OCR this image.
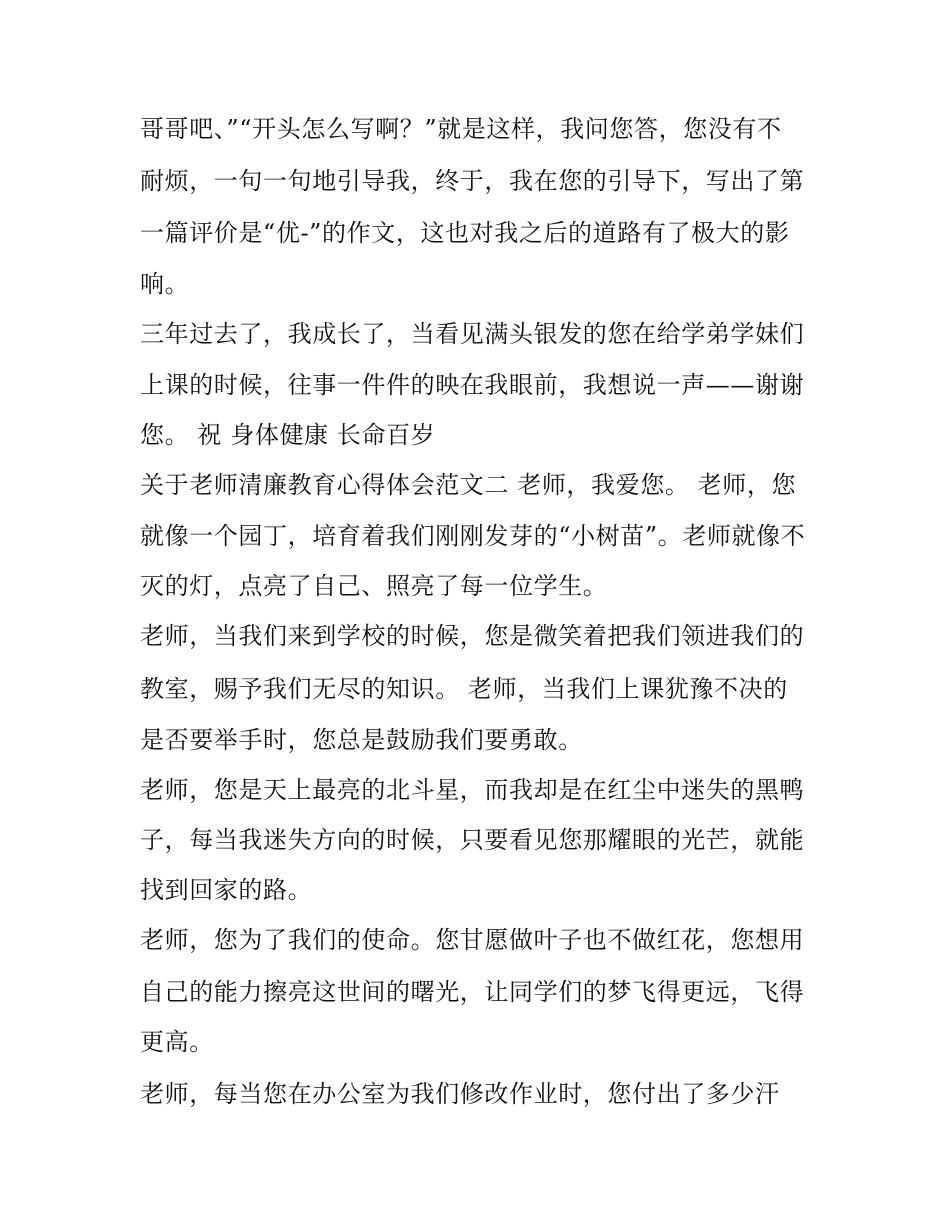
哥哥吧、”“开头怎么写啊？”就是这样，我问您答，您没有不
耐烦，一句一句地引导我，终于，我在您的引导下，写出了第
一篇评价是“优-”的作文，这也对我之后的道路有了极大的影
响。
三年过去了，我成长了，当看见满头银发的您在给学弟学妹们
上课的时候，往事一件件的映在我眼前，我想说一声——谢谢
您。 祝 身体健康 长命百岁
关于老师清廉教育心得体会范文二 老师，我爱您。 老师，您
就像一个园丁，培育着我们刚刚发芽的“小树苗”。老师就像不
灭的灯，点亮了自己、照亮了每一位学生。
老师，当我们来到学校的时候，您是微笑着把我们领进我们的
教室，赐予我们无尽的知识。 老师，当我们上课犹豫不决的
是否要举手时，您总是鼓励我们要勇敢。
老师，您是天上最亮的北斗星，而我却是在红尘中迷失的黑鸭
子，每当我迷失方向的时候，只要看见您那耀眼的光芒，就能
找到回家的路。
老师，您为了我们的使命。您甘愿做叶子也不做红花，您想用
自己的能力擦亮这世间的曙光，让同学们的梦飞得更远，飞得
更高。
老师，每当您在办公室为我们修改作业时，您付出了多少汗
